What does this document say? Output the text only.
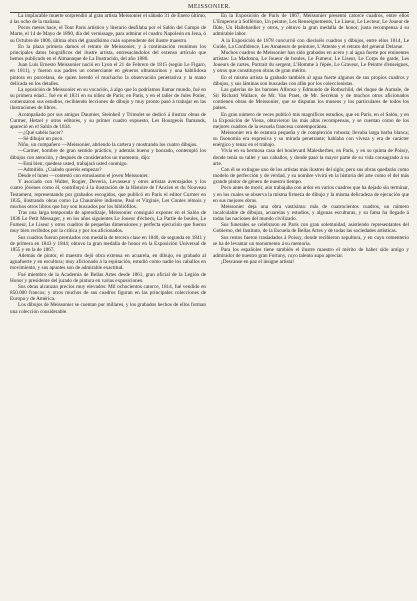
MEISSONIER.

La implacable muerte sorprendió al gran artista Meissonier el sábado 31 de Enero último, á las ocho de la mañana.

Pocos meses hace, el Tout Paris artístico y literario desfilaba por el Salón del Campo de Marte, el 14 de Mayo de 1890, día del vernissage, para admirar el cuadro Napoleón en Jena, ó su Octubre de 1806, última obra del grandísimo cuán soprendente del ilustre maestro.

En la plaza primera damos el retrato de Meissonier, y á continuación reunimos los principales datos biográficos del ilustre artista, entresacándolos del extenso artículo que hemos publicado en el Almanaque de La Ilustración, del año 1880.

Juan Luis Ernesto Meissonier nació en Lyon el 21 de Febrero de 1815 (según Le Figaro, en 1811), y fueron sus padres un comerciante en géneros ultramarinos y una habilidosa pintora en porcelana, de quien heredó el muchacho la observación penetrativa y la mano delicada en los detalles.

La oposición de Meissonier en su vocación, á algo que lo podríamos llamar mundo, fué en su primera edad... fué en el 1831 en su niñez de París; en París, y en el taller de Jules Potier, comenzaron sus estudios, recibiendo lecciones de dibujo y muy pronto pasó á trabajar en las ilustraciones de libros.

Acompañado por sus amigos Daumier, Steinheil y Trimolet se dedicó á ilustrar obras de Curmer, Hetzel y otros editores, y su primer cuadro expuesto, Les Bourgeois flamands, apareció en el Salón de 1834.

—¿Qué sabéis hacer?

—Sé dibujar un poco.

Niño, un compañero —Meissonier, abriendo la cartera y mostrando los cuatro dibujos.

—Carmer, hombre de gran sentido práctico, y además bueno y honrado, contempló los dibujos con atención, y después de considerarlos un momento, dijo:

—Está bien; quédese usted, trabajará usted conmigo.

—Admitido. ¿Cuándo queréis empezar?

Desde el lunes —contestó con entusiasmo el joven Meissonier.

Y asociado con Walter, Rogier, Deveria, Levasseur y otros artistas aventajados y los cuatro jóvenes como él, contribuyó á la ilustración de la Histoire de l'Ancien et du Nouveau Testament, representando por grabados escogidos, que publicó en París el editor Curmer en 1835, ilustrando obras como La Chaumière indienne, Paul et Virginie, Les Contes rémois y muchos otros libros que hoy son buscados por los bibliófilos.

Tras una larga temporada de aprendizaje, Meissonier consiguió exponer en el Salón de 1836 Le Petit Messager, y en los años siguientes Le Joueur d'échecs, La Partie de boules, Le Fumeur, Le Liseur y otros cuadros de pequeñas dimensiones y perfecta ejecución que fueron muy bien recibidos por la crítica y por los aficionados.

Sus cuadros fueron premiados con medalla de tercera clase en 1840, de segunda en 1841 y de primera en 1843 y 1844; obtuvo la gran medalla de honor en la Exposición Universal de 1855 y en la de 1867.

Además de pintor, el maestro dejó obra extensa en acuarela, en dibujo, en grabado al aguafuerte y en escultura; muy aficionado á la equitación, estudió como nadie los caballos en movimiento, y sus apuntes son de admirable exactitud.

Fué miembro de la Academia de Bellas Artes desde 1861, gran oficial de la Legión de Honor y presidente del jurado de pintura en varias exposiciones.

Sus obras alcanzan precios muy elevados: Mil ochocientos catorce, 1814, fué vendido en 850.000 francos; y otros muchos de sus cuadros figuran en las principales colecciones de Europa y de América.

Los dibujos de Meissonier se cuentan por millares, y los grabados hechos de ellos forman una colección considerable.

En la Exposición de París de 1867, Meissonier presentó catorce cuadros, entre ellos L'Empereur à Solférino, Un peintre, Les Renseignements, Le Liseur, Le Lecteur, Le Joueur de flûte, Un Hallebardier y otros, y obtuvo la gran medalla de honor, justa recompensa á su admirable labor.

A la Exposición de 1878 concurrió con dieciséis cuadros y dibujos, entre ellos 1814, Le Guide, La Confidence, Les Amateurs de peinture, L'Attente y el retrato del general Delarue.

Muchos cuadros de Meissonier han sido grabados en acero y al agua fuerte por eminentes artistas: La Madonna, Le Joueur de boules, Le Fumeur, Le Liseur, Le Corps de garde, Les Joueurs de cartes, Portrait du sergent, L'Homme à l'épée, Le Graveur, Le Peintre d'enseignes, y otros que constituyen obras de gran mérito.

En el mismo artista la grabado también al agua fuerte algunos de sus propios cuadros y dibujos, y sus láminas son buscadas con afán por los coleccionistas.

Las galerías de los barones Alfonso y Edmundo de Rothschild, del duque de Aumale, de Sir Richard Wallace, de Mr. Van Praet, de Mr. Secrétan y de muchos otros aficionados contienen obras de Meissonier, que se disputan los museos y los particulares de todos los países.

En gran número de veces publicó mis magníficos estudios, que en París, en el Salón, y en la Exposición de Viena, obtuvieron las más altas recompensas, y se cuentan como de los mejores cuadros de la escuela francesa contemporánea.

Meissonier era de estatura pequeña y de complexión robusta; llevaba larga barba blanca; su fisonomía era expresiva y su mirada penetrante; hablaba con viveza y era de carácter enérgico y tenaz en el trabajo.

Vivía en su hermosa casa del boulevard Malesherbes, en París, y en su quinta de Poissy, donde tenía su taller y sus caballos, y donde pasó la mayor parte de su vida consagrado á su arte.

Con él se extingue uno de los artistas más ilustres del siglo; pero sus obras quedarán como modelo de perfección y de verdad, y su nombre vivirá en la historia del arte como el del más grande pintor de género de nuestro tiempo.

Poco antes de morir, aún trabajaba con ardor en varios cuadros que ha dejado sin terminar, y en los cuales se observa la misma firmeza de dibujo y la misma delicadeza de ejecución que en sus mejores obras.

Meissonier deja una obra vastísima: más de cuatrocientos cuadros, un número incalculable de dibujos, acuarelas y estudios, y algunas esculturas, y su fama ha llegado á todas las naciones del mundo civilizado.

Sus funerales se celebraron en París con gran solemnidad, asistiendo representantes del Gobierno, del Instituto, de la Escuela de Bellas Artes y de todas las sociedades artísticas.

Sus restos fueron trasladados á Poissy, donde recibieron sepultura, y en cuyo cementerio se ha de levantar un monumento á su memoria.

Para los españoles tiene también el ilustre maestro el mérito de haber sido amigo y admirador de nuestro gran Fortuny, cuyo talento supo apreciar.

¡Descanse en paz el insigne artista!
